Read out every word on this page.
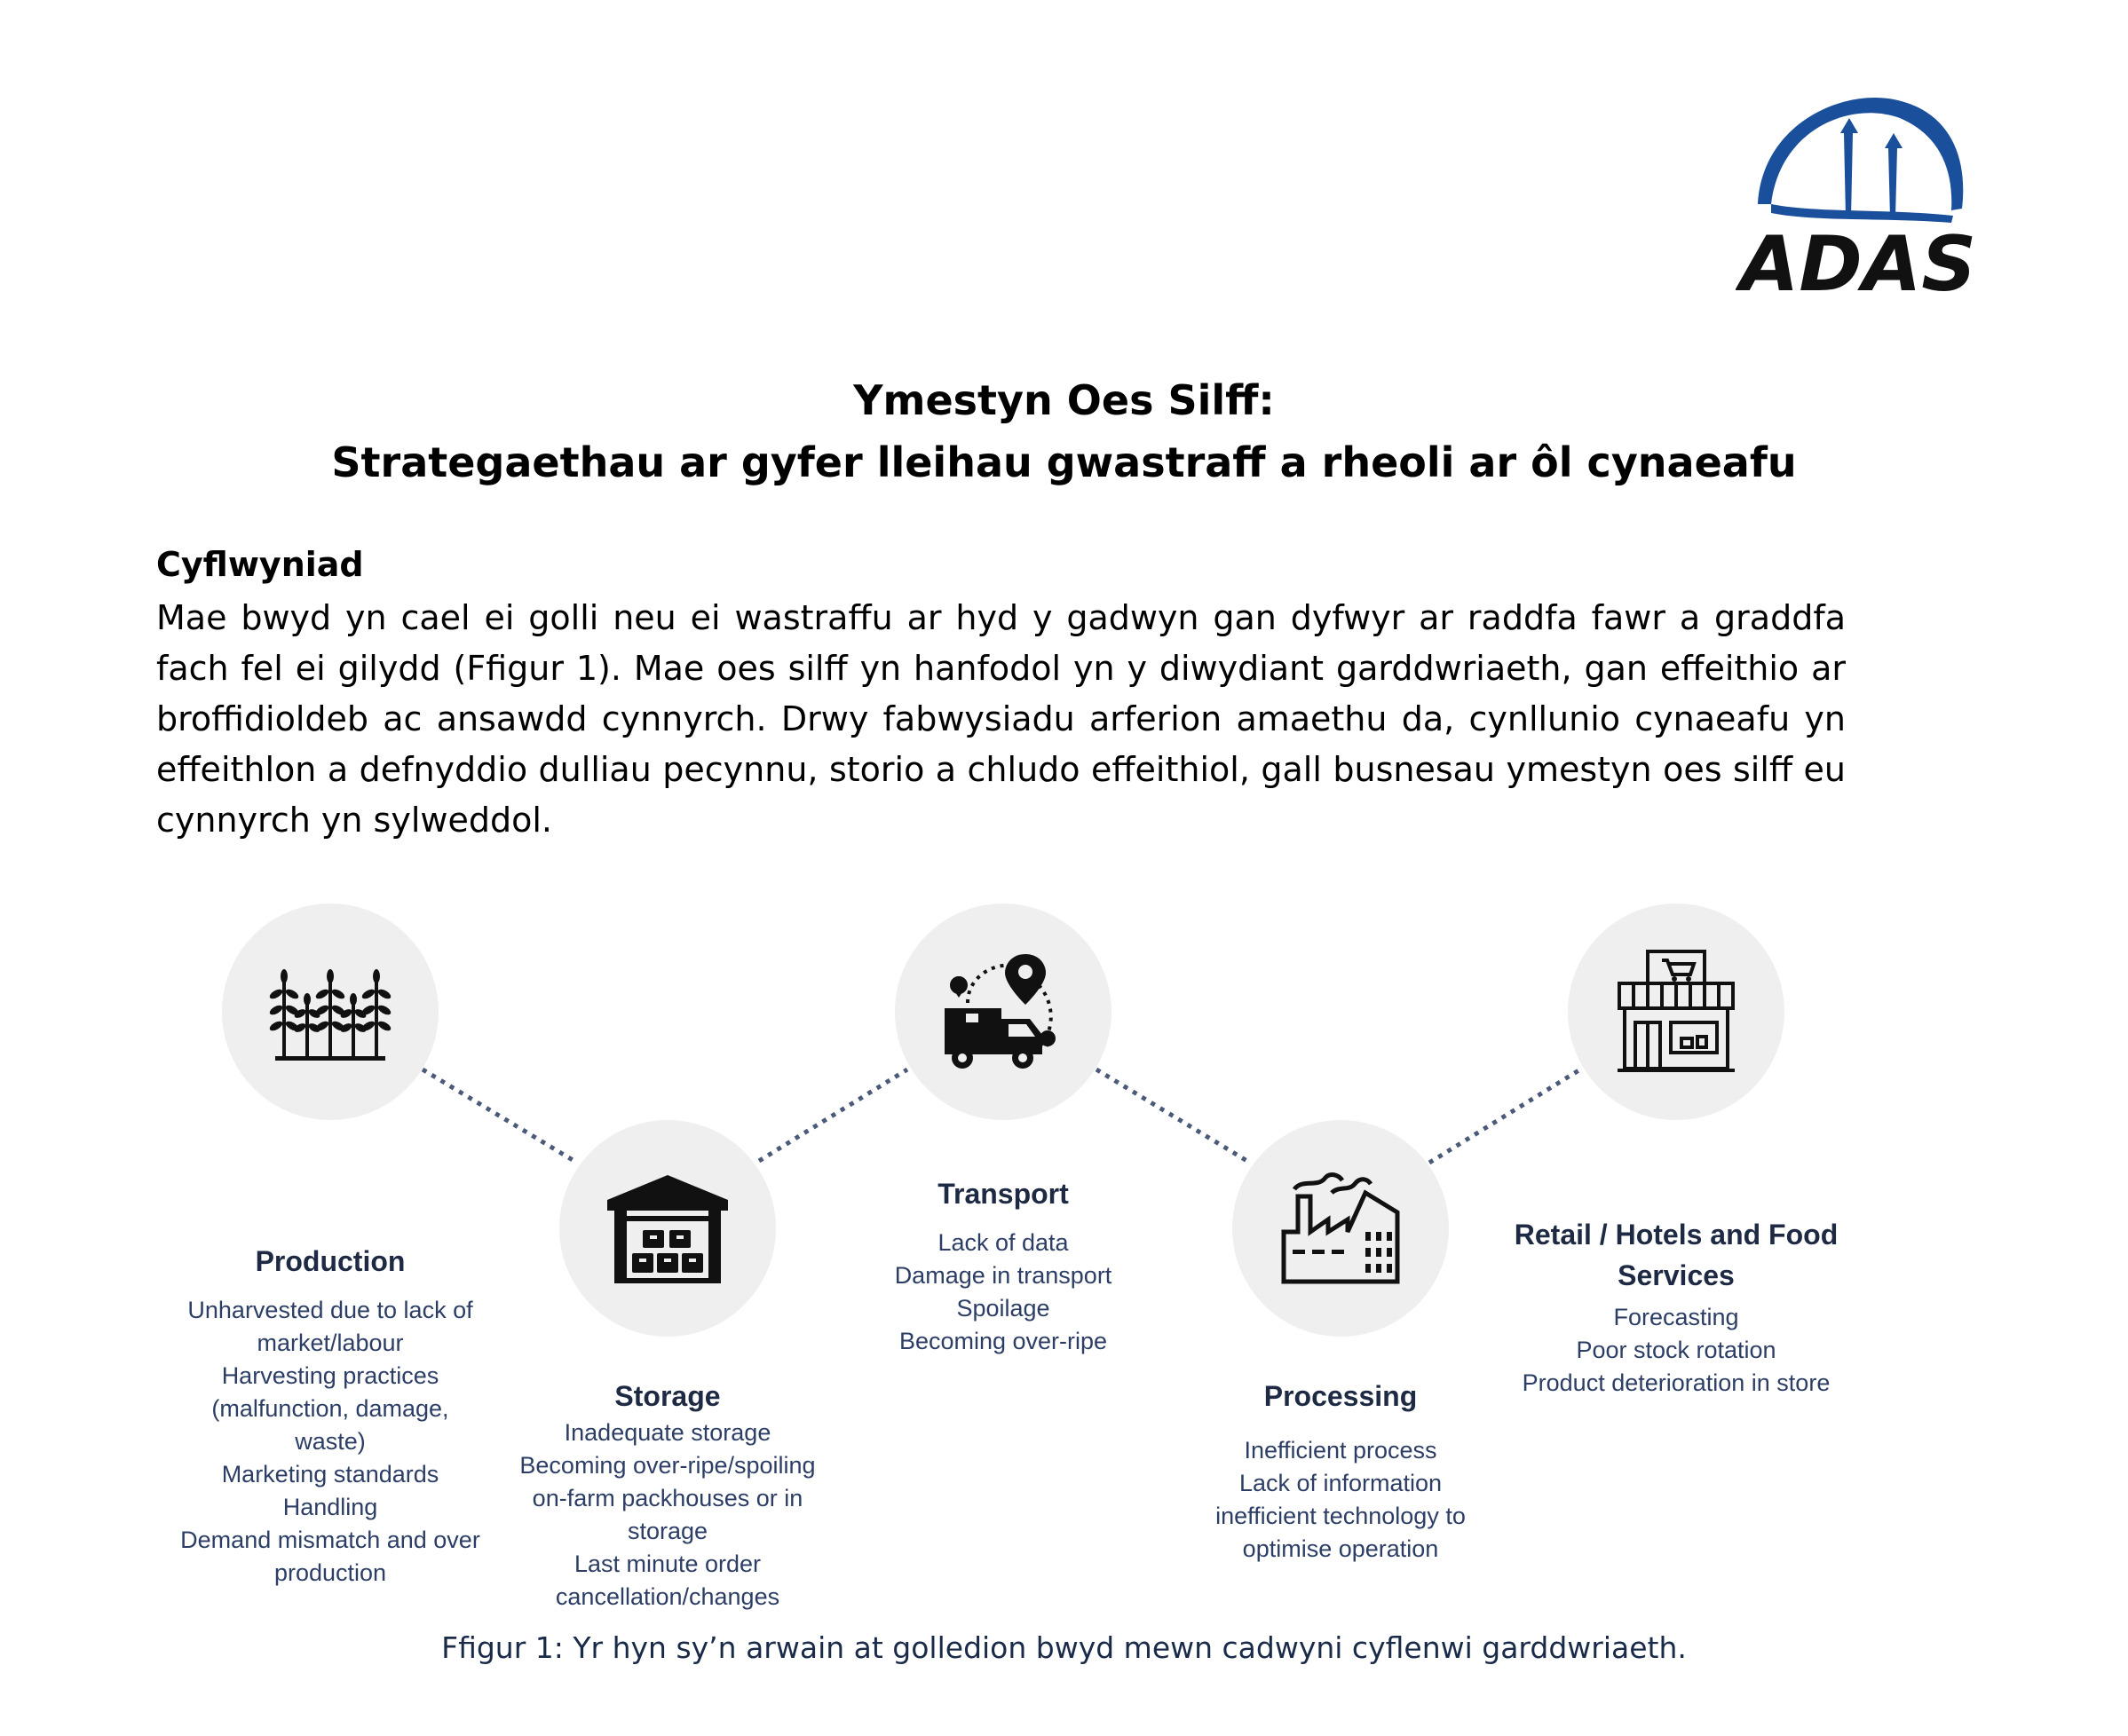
ADAS
Ymestyn Oes Silff:
Strategaethau ar gyfer lleihau gwastraff a rheoli ar ôl cynaeafu
Cyflwyniad
Mae bwyd yn cael ei golli neu ei wastraffu ar hyd y gadwyn gan dyfwyr ar raddfa fawr a graddfa fach fel ei gilydd (Ffigur 1). Mae oes silff yn hanfodol yn y diwydiant garddwriaeth, gan effeithio ar broffidioldeb ac ansawdd cynnyrch. Drwy fabwysiadu arferion amaethu da, cynllunio cynaeafu yn effeithlon a defnyddio dulliau pecynnu, storio a chludo effeithiol, gall busnesau ymestyn oes silff eu cynnyrch yn sylweddol.
Production
Unharvested due to lack of
market/labour
Harvesting practices
(malfunction, damage,
waste)
Marketing standards
Handling
Demand mismatch and over
production
Storage
Inadequate storage
Becoming over-ripe/spoiling
on-farm packhouses or in
storage
Last minute order
cancellation/changes
Transport
Lack of data
Damage in transport
Spoilage
Becoming over-ripe
Processing
Inefficient process
Lack of information
inefficient technology to
optimise operation
Retail / Hotels and Food Services
Forecasting
Poor stock rotation
Product deterioration in store
Ffigur 1: Yr hyn sy’n arwain at golledion bwyd mewn cadwyni cyflenwi garddwriaeth.
